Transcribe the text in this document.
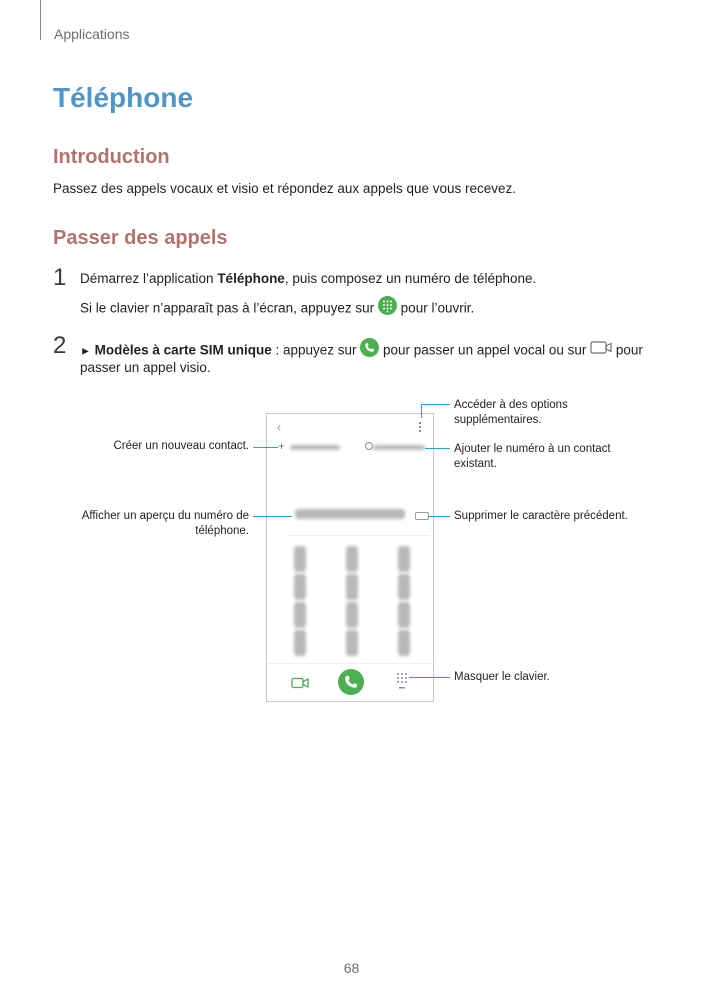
Applications
Téléphone
Introduction
Passez des appels vocaux et visio et répondez aux appels que vous recevez.
Passer des appels
1 Démarrez l’application Téléphone, puis composez un numéro de téléphone.
Si le clavier n’apparaît pas à l’écran, appuyez sur  pour l’ouvrir.
2 ► Modèles à carte SIM unique : appuyez sur  pour passer un appel vocal ou sur  pour
passer un appel visio.
‹
+
Accéder à des options
supplémentaires.
Créer un nouveau contact.	Ajouter le numéro à un contact
existant.
Afficher un aperçu du numéro de
téléphone.
Supprimer le caractère précédent.
Masquer le clavier.
68
